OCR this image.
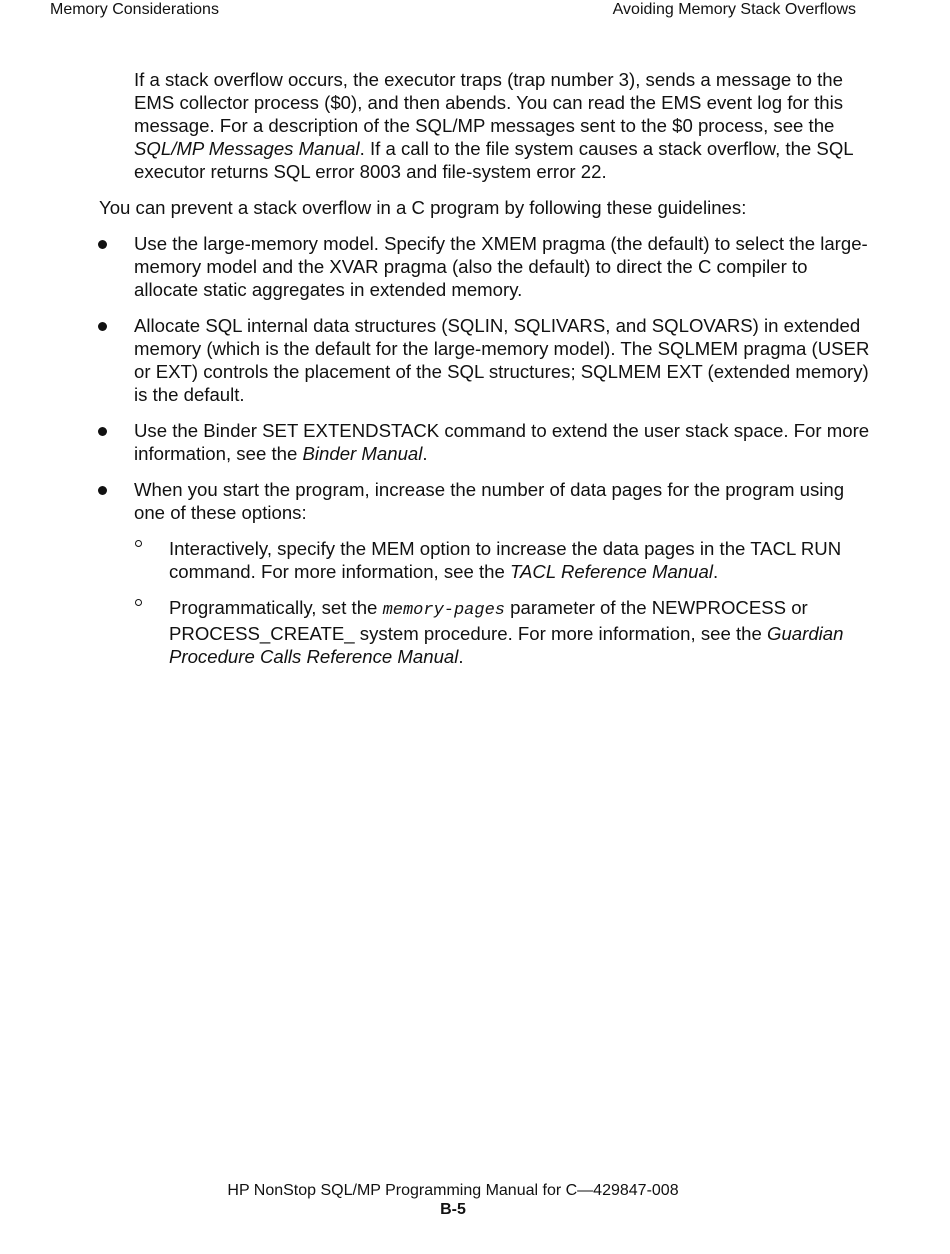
Memory Considerations	Avoiding Memory Stack Overflows

If a stack overflow occurs, the executor traps (trap number 3), sends a message to the EMS collector process ($0), and then abends. You can read the EMS event log for this message. For a description of the SQL/MP messages sent to the $0 process, see the SQL/MP Messages Manual. If a call to the file system causes a stack overflow, the SQL executor returns SQL error 8003 and file-system error 22.

You can prevent a stack overflow in a C program by following these guidelines:

Use the large-memory model. Specify the XMEM pragma (the default) to select the large-memory model and the XVAR pragma (also the default) to direct the C compiler to allocate static aggregates in extended memory.
Allocate SQL internal data structures (SQLIN, SQLIVARS, and SQLOVARS) in extended memory (which is the default for the large-memory model). The SQLMEM pragma (USER or EXT) controls the placement of the SQL structures; SQLMEM EXT (extended memory) is the default.
Use the Binder SET EXTENDSTACK command to extend the user stack space. For more information, see the Binder Manual.
When you start the program, increase the number of data pages for the program using one of these options:
Interactively, specify the MEM option to increase the data pages in the TACL RUN command. For more information, see the TACL Reference Manual.
Programmatically, set the memory-pages parameter of the NEWPROCESS or PROCESS_CREATE_ system procedure. For more information, see the Guardian Procedure Calls Reference Manual.
HP NonStop SQL/MP Programming Manual for C—429847-008
B-5
